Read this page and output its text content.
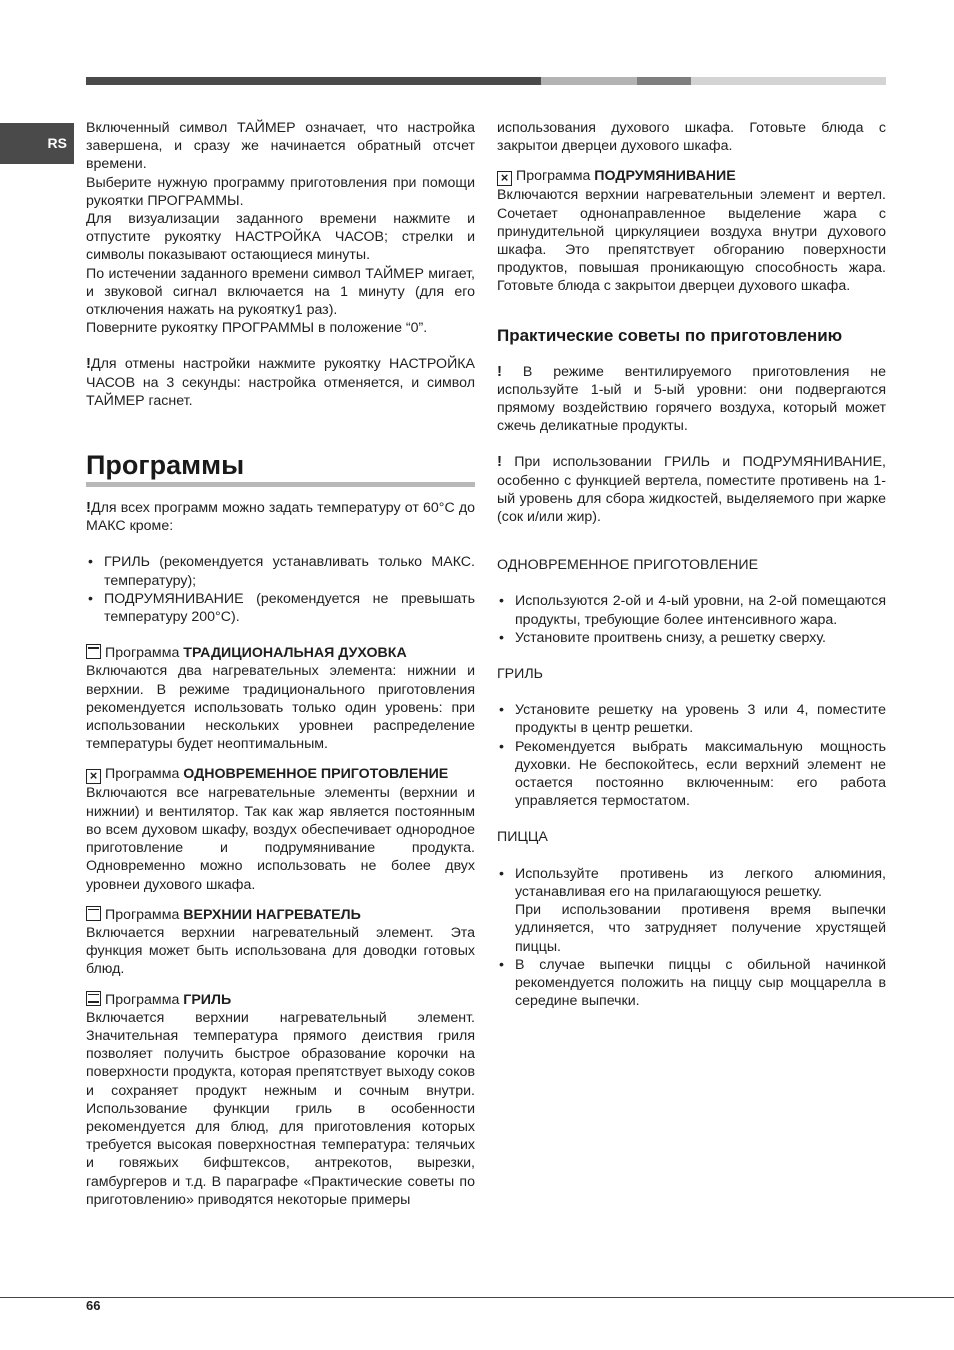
RS

Включенный символ ТАЙМЕР означает, что настройка завершена, и сразу же начинается обратный отсчет времени.

Выберите нужную программу приготовления при помощи рукоятки ПРОГРАММЫ.

Для визуализации заданного времени нажмите и отпустите рукоятку НАСТРОЙКА ЧАСОВ; стрелки и символы показывают остающиеся минуты.

По истечении заданного времени символ ТАЙМЕР мигает, и звуковой сигнал включается на 1 минуту (для его отключения нажать на рукоятку1 раз).

Поверните рукоятку ПРОГРАММЫ в положение “0”.

!Для отмены настройки нажмите рукоятку НАСТРОЙКА ЧАСОВ на 3 секунды: настройка отменяется, и символ ТАЙМЕР гаснет.

Программы

!Для всех программ можно задать температуру от 60°C до МАКС кроме:

• ГРИЛЬ (рекомендуется устанавливать только МАКС. температуру);
• ПОДРУМЯНИВАНИЕ (рекомендуется не превышать температуру 200°C).

Программа ТРАДИЦИОНАЛЬНАЯ ДУХОВКА

Включаются два нагревательных элемента: нижнии и верхнии. В режиме традиционального приготовления рекомендуется использовать только один уровень: при использовании нескольких уровнеи распределение температуры будет неоптимальным.

× Программа ОДНОВРЕМЕННОЕ ПРИГОТОВЛЕНИЕ

Включаются все нагревательные элементы (верхнии и нижнии) и вентилятор. Так как жар является постоянным во всем духовом шкафу, воздух обеспечивает однородное приготовление и подрумянивание продукта. Одновременно можно использовать не более двух уровнеи духового шкафа.

Программа ВЕРХНИИ НАГРЕВАТЕЛЬ

Включается верхнии нагревательный элемент. Эта функция может быть использована для доводки готовых блюд.

Программа ГРИЛЬ

Включается верхнии нагревательный элемент. Значительная температура прямого деиствия гриля позволяет получить быстрое образование корочки на поверхности продукта, которая препятствует выходу соков и сохраняет продукт нежным и сочным внутри. Использование функции гриль в особенности рекомендуется для блюд, для приготовления которых требуется высокая поверхностная температура: телячьих и говяжьих бифштексов, антрекотов, вырезки, гамбургеров и т.д. В параграфе «Практические советы по приготовлению» приводятся некоторые примеры

использования духового шкафа. Готовьте блюда с закрытои дверцеи духового шкафа.

× Программа ПОДРУМЯНИВАНИЕ

Включаются верхнии нагревательныи элемент и вертел. Сочетает однонаправленное выделение жара с принудительной циркуляциеи воздуха внутри духового шкафа. Это препятствует обгоранию поверхности продуктов, повышая проникающую способность жара. Готовьте блюда с закрытои дверцеи духового шкафа.

Практические советы по приготовлению

! В режиме вентилируемого приготовления не используйте 1-ый и 5-ый уровни: они подвергаются прямому воздействию горячего воздуха, который может сжечь деликатные продукты.

! При использовании ГРИЛЬ и ПОДРУМЯНИВАНИЕ, особенно с функцией вертела, поместите противень на 1-ый уровень для сбора жидкостей, выделяемого при жарке (сок и/или жир).

ОДНОВРЕМЕННОЕ ПРИГОТОВЛЕНИЕ

• Используются 2-ой и 4-ый уровни, на 2-ой помещаются продукты, требующие более интенсивного жара.
• Установите проитвень снизу, а решетку сверху.

ГРИЛЬ

• Установите решетку на уровень 3 или 4, поместите продукты в центр решетки.
• Рекомендуется выбрать максимальную мощность духовки. Не беспокойтесь, если верхний элемент не остается постоянно включенным: его работа управляется термостатом.

ПИЦЦА

• Используйте противень из легкого алюминия, устанавливая его на прилагающуюся решетку.
При использовании противеня время выпечки удлиняется, что затрудняет получение хрустящей пиццы.
• В случае выпечки пиццы с обильной начинкой рекомендуется положить на пиццу сыр моццарелла в середине выпечки.
66
